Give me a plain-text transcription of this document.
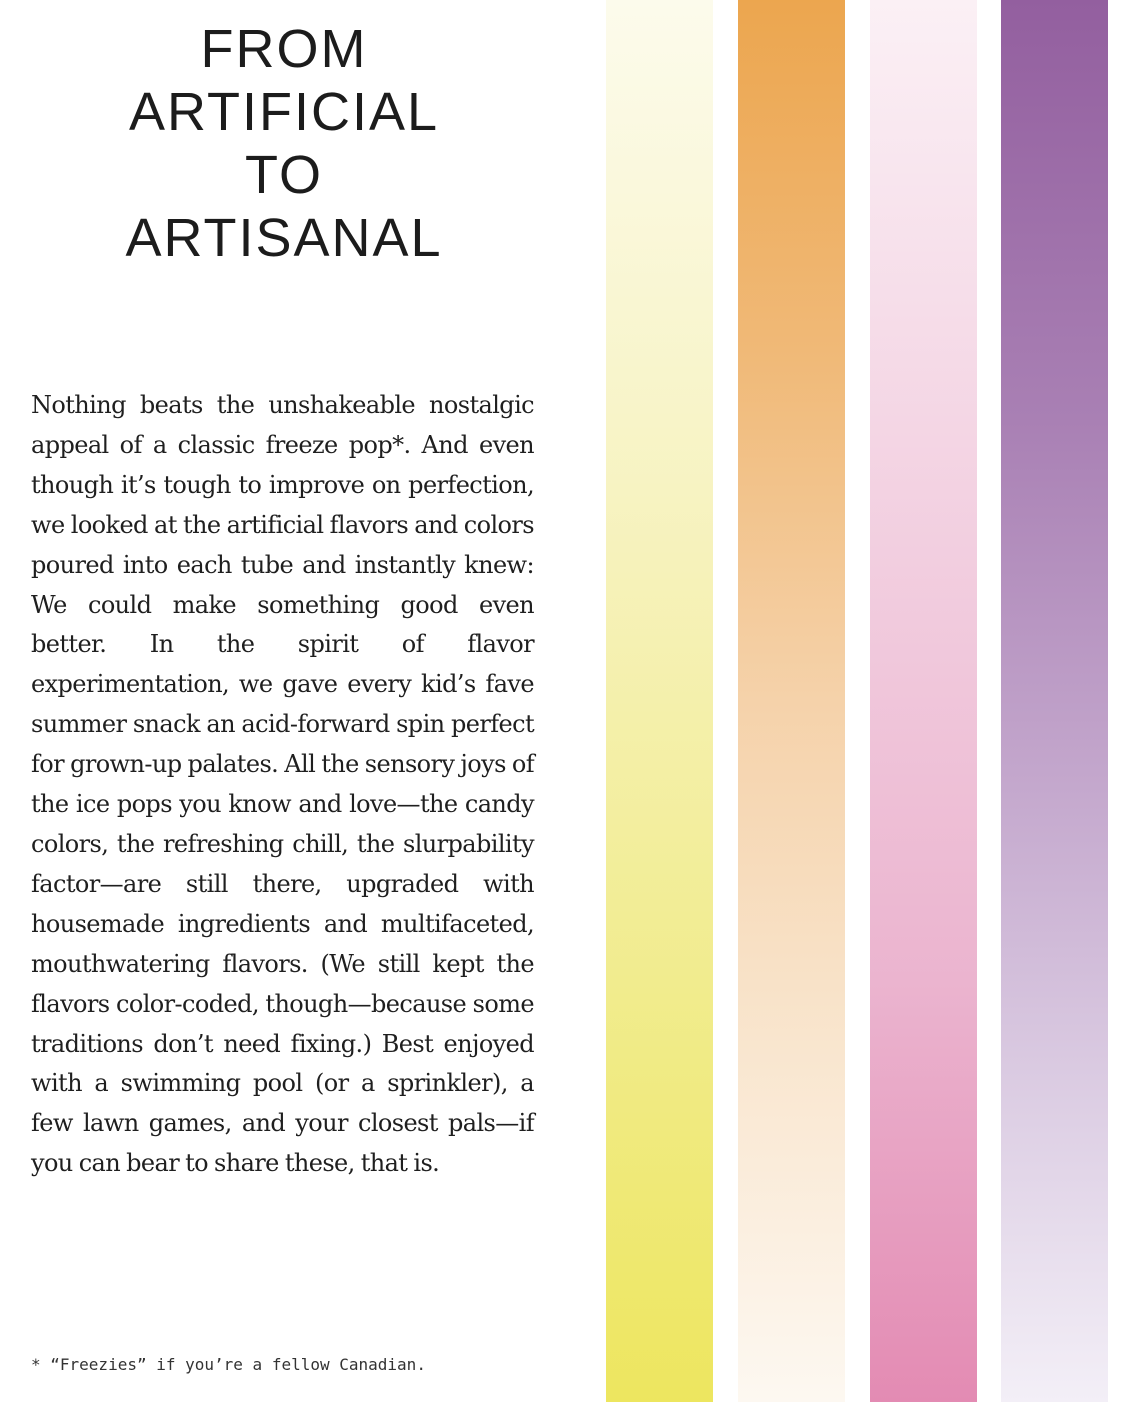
FROM
ARTIFICIAL
TO
ARTISANAL

Nothing beats the unshakeable nostalgic appeal of a classic freeze pop*. And even though it’s tough to improve on perfection, we looked at the artificial flavors and colors poured into each tube and instantly knew: We could make something good even better. In the spirit of flavor experimentation, we gave every kid’s fave summer snack an acid-forward spin perfect for grown-up palates. All the sensory joys of the ice pops you know and love—the candy colors, the refreshing chill, the slurpability factor—are still there, upgraded with housemade ingredients and multifaceted, mouthwatering flavors. (We still kept the flavors color-coded, though—because some traditions don’t need fixing.) Best enjoyed with a swimming pool (or a sprinkler), a few lawn games, and your closest pals—if you can bear to share these, that is.

* “Freezies” if you’re a fellow Canadian.
